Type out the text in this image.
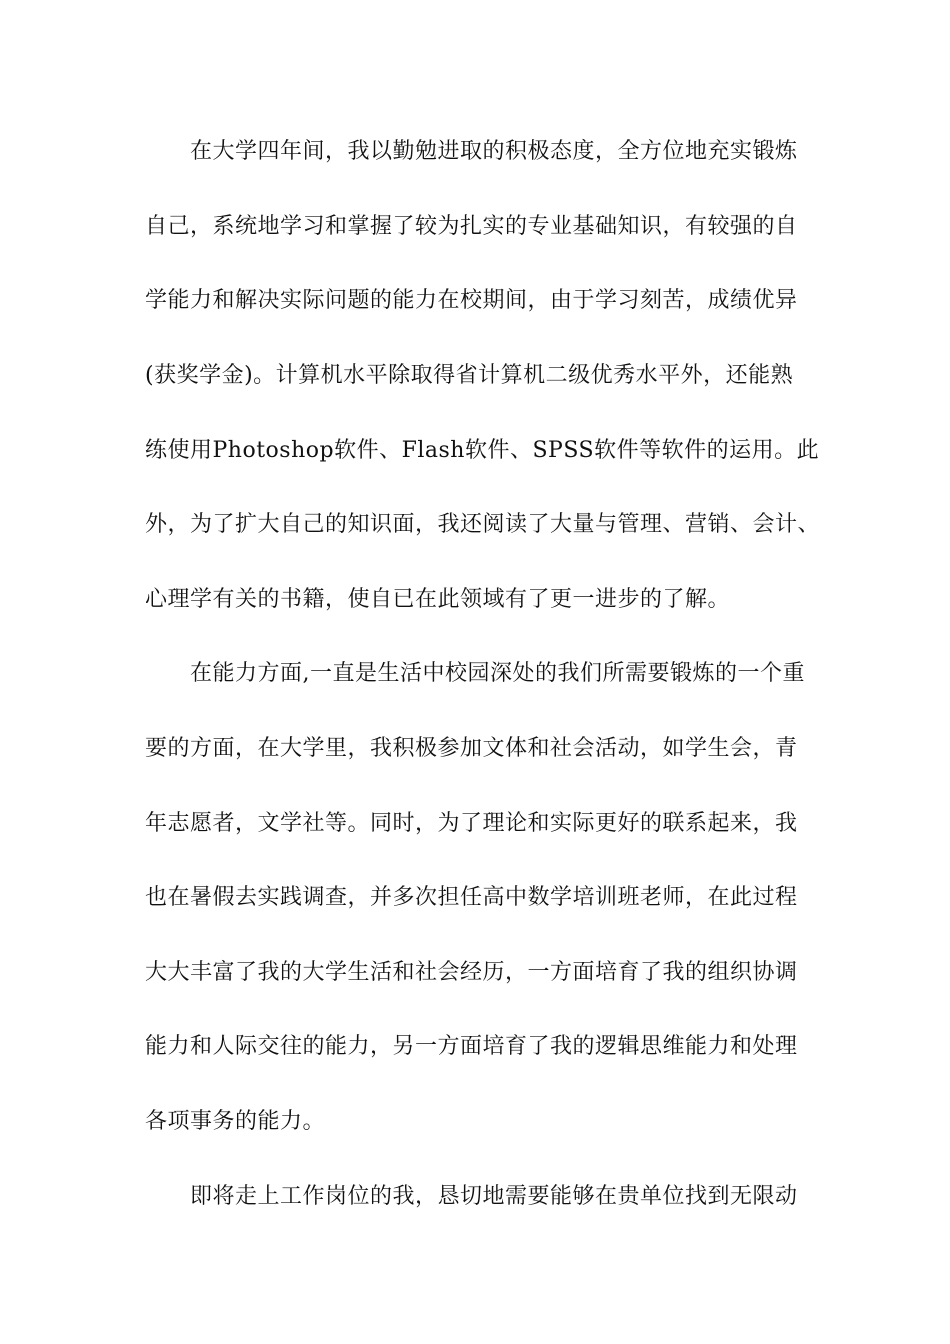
在大学四年间，我以勤勉进取的积极态度，全方位地充实锻炼
自己，系统地学习和掌握了较为扎实的专业基础知识，有较强的自
学能力和解决实际问题的能力在校期间，由于学习刻苦，成绩优异
(获奖学金)。计算机水平除取得省计算机二级优秀水平外，还能熟
练使用Photoshop软件、Flash软件、SPSS软件等软件的运用。此
外，为了扩大自己的知识面，我还阅读了大量与管理、营销、会计、
心理学有关的书籍，使自已在此领域有了更一进步的了解。
在能力方面,一直是生活中校园深处的我们所需要锻炼的一个重
要的方面，在大学里，我积极参加文体和社会活动，如学生会，青
年志愿者，文学社等。同时，为了理论和实际更好的联系起来，我
也在暑假去实践调查，并多次担任高中数学培训班老师，在此过程
大大丰富了我的大学生活和社会经历，一方面培育了我的组织协调
能力和人际交往的能力，另一方面培育了我的逻辑思维能力和处理
各项事务的能力。
即将走上工作岗位的我，恳切地需要能够在贵单位找到无限动
